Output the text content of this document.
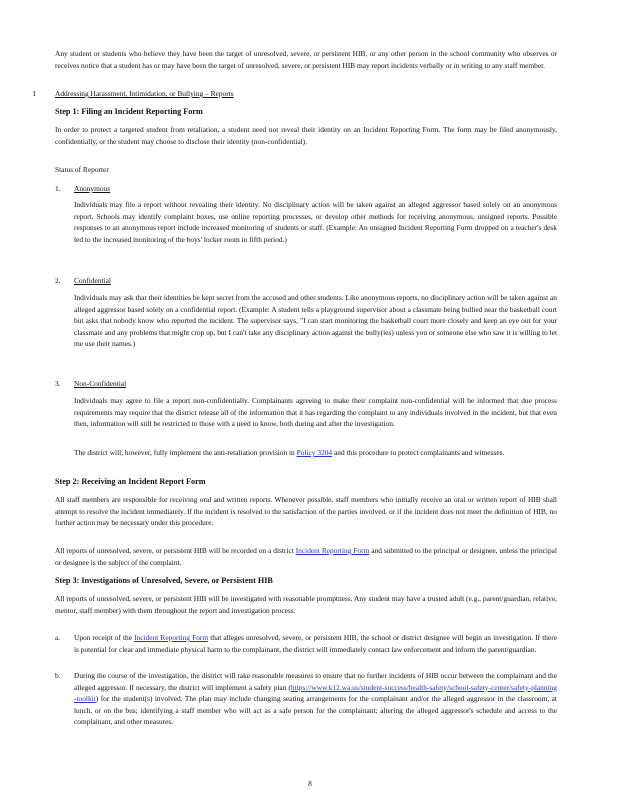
Any student or students who believe they have been the target of unresolved, severe, or persistent HIB, or any other person in the school community who observes or receives notice that a student has or may have been the target of unresolved, severe, or persistent HIB may report incidents verbally or in writing to any staff member.
I	Addressing Harassment, Intimidation, or Bullying – Reports
Step 1: Filing an Incident Reporting Form
In order to protect a targeted student from retaliation, a student need not reveal their identity on an Incident Reporting Form. The form may be filed anonymously, confidentially, or the student may choose to disclose their identity (non-confidential).
Status of Reporter
1. Anonymous
Individuals may file a report without revealing their identity. No disciplinary action will be taken against an alleged aggressor based solely on an anonymous report. Schools may identify complaint boxes, use online reporting processes, or develop other methods for receiving anonymous, unsigned reports. Possible responses to an anonymous report include increased monitoring of students or staff. (Example: An unsigned Incident Reporting Form dropped on a teacher's desk led to the increased monitoring of the boys' locker room in fifth period.)
2. Confidential
Individuals may ask that their identities be kept secret from the accused and other students. Like anonymous reports, no disciplinary action will be taken against an alleged aggressor based solely on a confidential report. (Example: A student tells a playground supervisor about a classmate being bullied near the basketball court but asks that nobody know who reported the incident. The supervisor says, "I can start monitoring the basketball court more closely and keep an eye out for your classmate and any problems that might crop up, but I can't take any disciplinary action against the bully(ies) unless you or someone else who saw it is willing to let me use their names.)
3. Non-Confidential
Individuals may agree to file a report non-confidentially. Complainants agreeing to make their complaint non-confidential will be informed that due process requirements may require that the district release all of the information that it has regarding the complaint to any individuals involved in the incident, but that even then, information will still be restricted to those with a need to know, both during and after the investigation.
The district will, however, fully implement the anti-retaliation provision in Policy 3204 and this procedure to protect complainants and witnesses.
Step 2: Receiving an Incident Report Form
All staff members are responsible for receiving oral and written reports. Whenever possible, staff members who initially receive an oral or written report of HIB shall attempt to resolve the incident immediately. If the incident is resolved to the satisfaction of the parties involved, or if the incident does not meet the definition of HIB, no further action may be necessary under this procedure.
All reports of unresolved, severe, or persistent HIB will be recorded on a district Incident Reporting Form and submitted to the principal or designee, unless the principal or designee is the subject of the complaint.
Step 3: Investigations of Unresolved, Severe, or Persistent HIB
All reports of unresolved, severe, or persistent HIB will be investigated with reasonable promptness. Any student may have a trusted adult (e.g., parent/guardian, relative, mentor, staff member) with them throughout the report and investigation process.
a. Upon receipt of the Incident Reporting Form that alleges unresolved, severe, or persistent HIB, the school or district designee will begin an investigation. If there is potential for clear and immediate physical harm to the complainant, the district will immediately contact law enforcement and inform the parent/guardian.
b. During the course of the investigation, the district will take reasonable measures to ensure that no further incidents of HIB occur between the complainant and the alleged aggressor. If necessary, the district will implement a safety plan (https://www.k12.wa.us/student-success/health-safety/school-safety-center/safety-planning-toolkit) for the student(s) involved. The plan may include changing seating arrangements for the complainant and/or the alleged aggressor in the classroom, at lunch, or on the bus; identifying a staff member who will act as a safe person for the complainant; altering the alleged aggressor's schedule and access to the complainant, and other measures.
8
